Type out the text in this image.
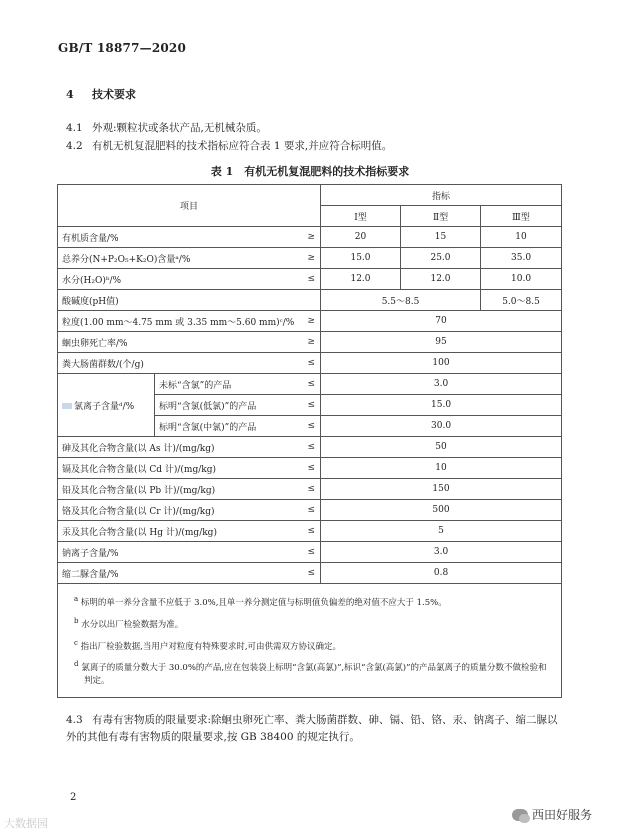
GB/T 18877—2020
4 技术要求
4.1 外观:颗粒状或条状产品,无机械杂质。
4.2 有机无机复混肥料的技术指标应符合表 1 要求,并应符合标明值。
表 1　有机无机复混肥料的技术指标要求
项目			指标		
			Ⅰ型	Ⅱ型	Ⅲ型
有机质含量/%		≥	20	15	10
总养分(N+P₂O₅+K₂O)含量ᵃ/%		≥	15.0	25.0	35.0
水分(H₂O)ᵇ/%		≤	12.0	12.0	10.0
酸碱度(pH值)			5.5～8.5		5.0～8.5
粒度(1.00 mm～4.75 mm 或 3.35 mm～5.60 mm)ᶜ/%		≥	70		
蛔虫卵死亡率/%		≥	95		
粪大肠菌群数/(个/g)		≤	100		
氯离子含量ᵈ/%	未标“含氯”的产品	≤	3.0		
	标明“含氯(低氯)”的产品	≤	15.0		
	标明“含氯(中氯)”的产品	≤	30.0		
砷及其化合物含量(以 As 计)/(mg/kg)		≤	50		
镉及其化合物含量(以 Cd 计)/(mg/kg)		≤	10		
铅及其化合物含量(以 Pb 计)/(mg/kg)		≤	150		
铬及其化合物含量(以 Cr 计)/(mg/kg)		≤	500		
汞及其化合物含量(以 Hg 计)/(mg/kg)		≤	5		
钠离子含量/%		≤	3.0		
缩二脲含量/%		≤	0.8		

$^a$ 标明的单一养分含量不应低于 3.0%,且单一养分测定值与标明值负偏差的绝对值不应大于 1.5%。
$^b$ 水分以出厂检验数据为准。
$^c$ 指出厂检验数据,当用户对粒度有特殊要求时,可由供需双方协议确定。
$^d$ 氯离子的质量分数大于 30.0%的产品,应在包装袋上标明“含氯(高氯)”,标识“含氯(高氯)”的产品氯离子的质量分数不做检验和判定。					
4.3 有毒有害物质的限量要求:除蛔虫卵死亡率、粪大肠菌群数、砷、镉、铅、铬、汞、钠离子、缩二脲以外的其他有毒有害物质的限量要求,按 GB 38400 的规定执行。
2
大数据园
西田好服务
